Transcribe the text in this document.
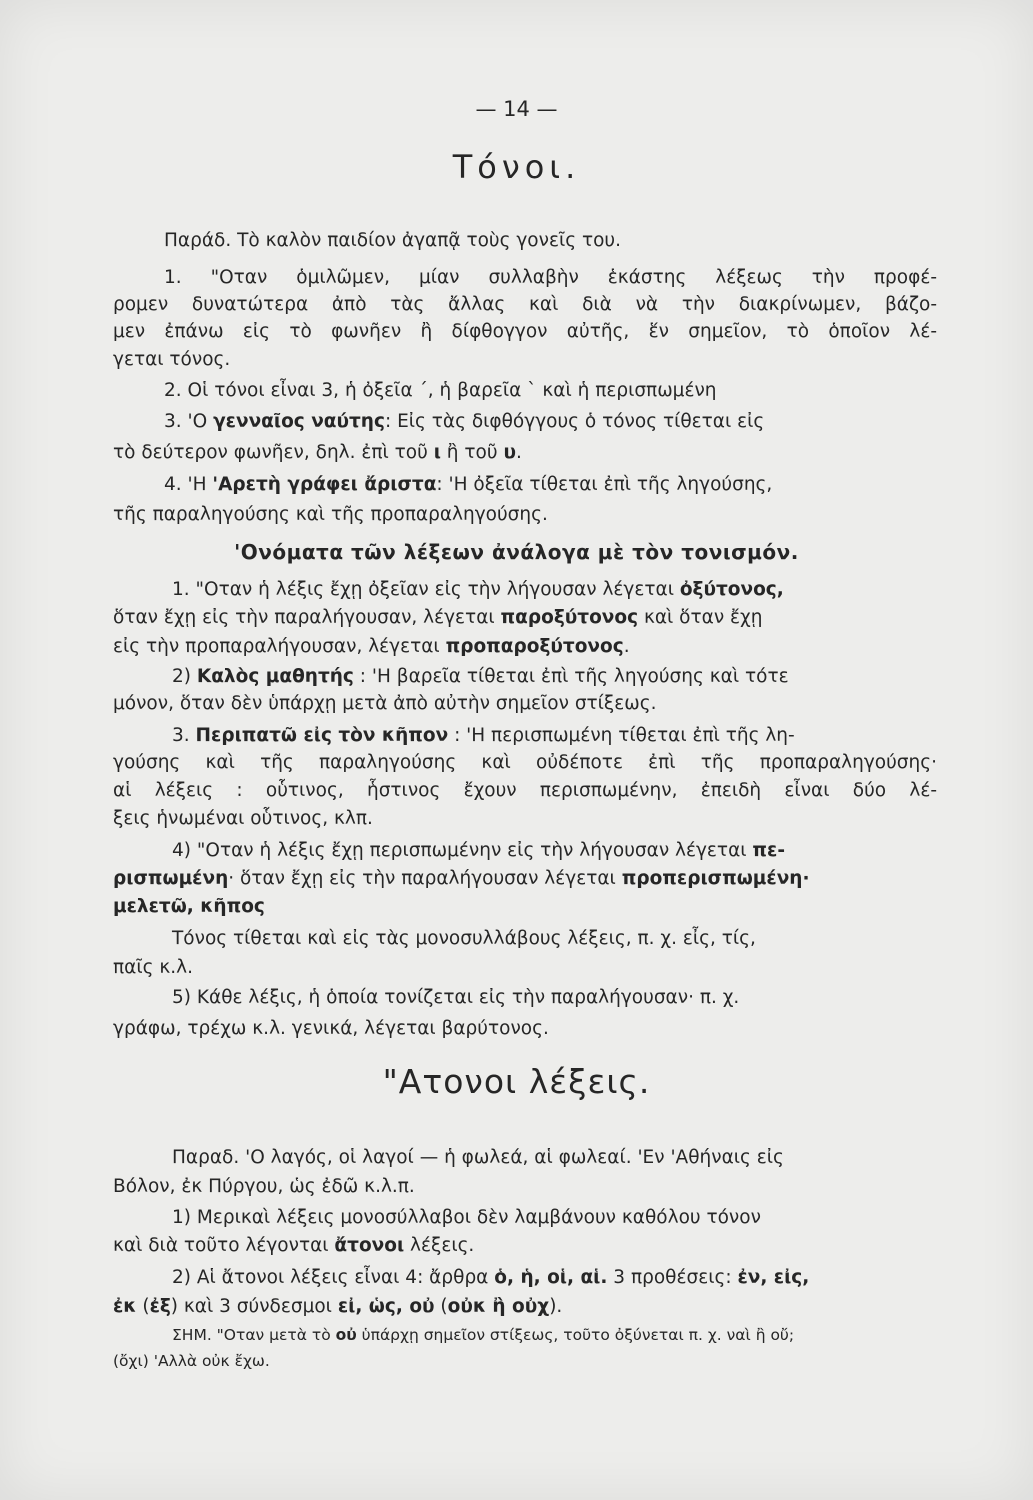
— 14 —
Τόνοι.
Παράδ. Τὸ καλὸν παιδίον ἀγαπᾷ τοὺς γονεῖς του.
1. "Οταν ὁμιλῶμεν, μίαν συλλαβὴν ἑκάστης λέξεως τὴν προφέ-
ρομεν δυνατώτερα ἀπὸ τὰς ἄλλας καὶ διὰ νὰ τὴν διακρίνωμεν, βάζο-
μεν ἐπάνω εἰς τὸ φωνῆεν ἢ δίφθογγον αὐτῆς, ἕν σημεῖον, τὸ ὁποῖον λέ-
γεται τόνος.
2. Οἱ τόνοι εἶναι 3, ἡ ὀξεῖα ΄, ἡ βαρεῖα ` καὶ ἡ περισπωμένη
3. 'Ο γενναῖος ναύτης: Εἰς τὰς διφθόγγους ὁ τόνος τίθεται εἰς
τὸ δεύτερον φωνῆεν, δηλ. ἐπὶ τοῦ ι ἢ τοῦ υ.
4. 'Η 'Αρετὴ γράφει ἄριστα: 'Η ὀξεῖα τίθεται ἐπὶ τῆς ληγούσης,
τῆς παραληγούσης καὶ τῆς προπαραληγούσης.
'Ονόματα τῶν λέξεων ἀνάλογα μὲ τὸν τονισμόν.
1. "Οταν ἡ λέξις ἔχῃ ὀξεῖαν εἰς τὴν λήγουσαν λέγεται ὀξύτονος,
ὅταν ἔχῃ εἰς τὴν παραλήγουσαν, λέγεται παροξύτονος καὶ ὅταν ἔχῃ
εἰς τὴν προπαραλήγουσαν, λέγεται προπαροξύτονος.
2) Καλὸς μαθητής : 'Η βαρεῖα τίθεται ἐπὶ τῆς ληγούσης καὶ τότε
μόνον, ὅταν δὲν ὑπάρχῃ μετὰ ἀπὸ αὐτὴν σημεῖον στίξεως.
3. Περιπατῶ εἰς τὸν κῆπον : 'Η περισπωμένη τίθεται ἐπὶ τῆς λη-
γούσης καὶ τῆς παραληγούσης καὶ οὐδέποτε ἐπὶ τῆς προπαραληγούσης·
αἱ λέξεις : οὗτινος, ἧστινος ἔχουν περισπωμένην, ἐπειδὴ εἶναι δύο λέ-
ξεις ἡνωμέναι οὗτινος, κλπ.
4) "Οταν ἡ λέξις ἔχῃ περισπωμένην εἰς τὴν λήγουσαν λέγεται πε-
ρισπωμένη· ὅταν ἔχῃ εἰς τὴν παραλήγουσαν λέγεται προπερισπωμένη·
μελετῶ, κῆπος
Τόνος τίθεται καὶ εἰς τὰς μονοσυλλάβους λέξεις, π. χ. εἶς, τίς,
παῖς κ.λ.
5) Κάθε λέξις, ἡ ὁποία τονίζεται εἰς τὴν παραλήγουσαν· π. χ.
γράφω, τρέχω κ.λ. γενικά, λέγεται βαρύτονος.
"Ατονοι λέξεις.
Παραδ. 'Ο λαγός, οἱ λαγοί — ἡ φωλεά, αἱ φωλεαί. 'Εν 'Αθήναις εἰς
Βόλον, ἐκ Πύργου, ὡς ἐδῶ κ.λ.π.
1) Μερικαὶ λέξεις μονοσύλλαβοι δὲν λαμβάνουν καθόλου τόνον
καὶ διὰ τοῦτο λέγονται ἄτονοι λέξεις.
2) Αἱ ἄτονοι λέξεις εἶναι 4: ἄρθρα ὁ, ἡ, οἱ, αἱ. 3 προθέσεις: ἐν, εἰς,
ἐκ (ἐξ) καὶ 3 σύνδεσμοι εἰ, ὡς, οὐ (οὐκ ἢ οὐχ).
ΣΗΜ. "Οταν μετὰ τὸ οὐ ὑπάρχῃ σημεῖον στίξεως, τοῦτο ὀξύνεται π. χ. ναὶ ἢ οὔ;
(ὄχι) 'Αλλὰ οὐκ ἔχω.
